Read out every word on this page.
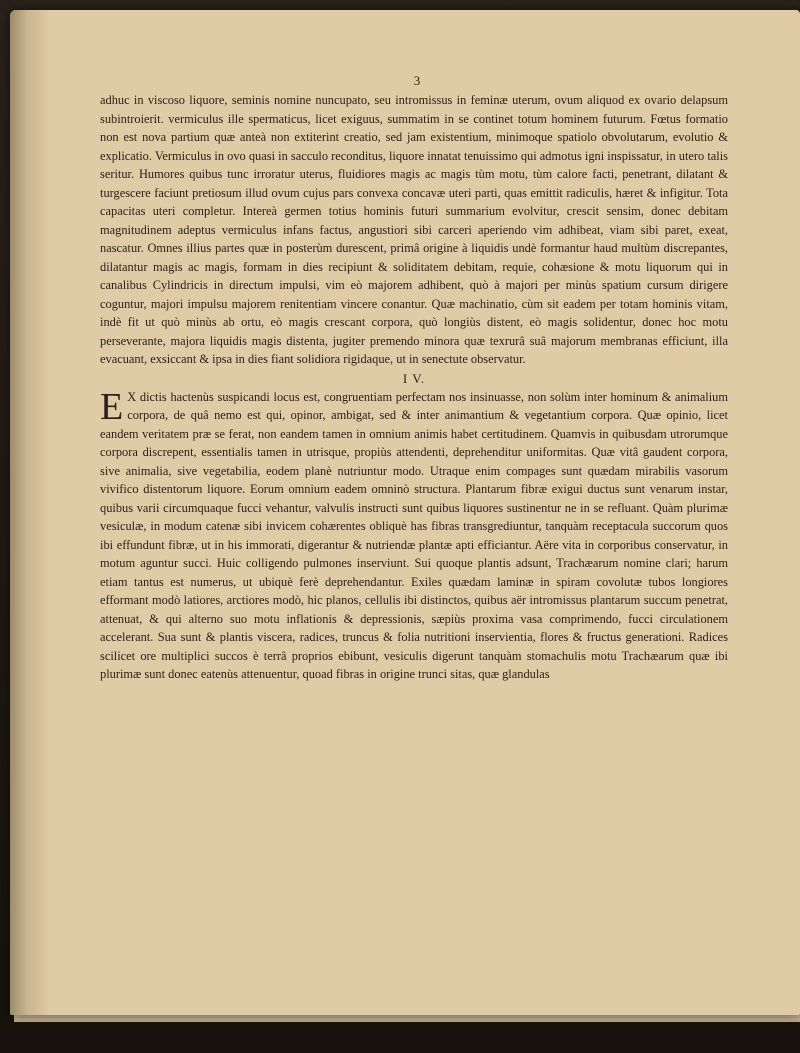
3

adhuc in viscoso liquore, seminis nomine nuncupato, seu intromissus in feminæ uterum, ovum aliquod ex ovario delapsum subintroierit. vermiculus ille spermaticus, licet exiguus, summatim in se continet totum hominem futurum. Fœtus formatio non est nova partium quæ anteà non extiterint creatio, sed jam existentium, minimoque spatiolo obvolutarum, evolutio & explicatio. Vermiculus in ovo quasi in sacculo reconditus, liquore innatat tenuissimo qui admotus igni inspissatur, in utero talis seritur. Humores quibus tunc irroratur uterus, fluidiores magis ac magis tùm motu, tùm calore facti, penetrant, dilatant & turgescere faciunt pretiosum illud ovum cujus pars convexa concavæ uteri parti, quas emittit radiculis, hæret & infigitur. Tota capacitas uteri completur. Intereà germen totius hominis futuri summarium evolvitur, crescit sensim, donec debitam magnitudinem adeptus vermiculus infans factus, angustiori sibi carceri aperiendo vim adhibeat, viam sibi paret, exeat, nascatur. Omnes illius partes quæ in posterùm durescent, primâ origine à liquidis undè formantur haud multùm discrepantes, dilatantur magis ac magis, formam in dies recipiunt & soliditatem debitam, requie, cohæsione & motu liquorum qui in canalibus Cylindricis in directum impulsi, vim eò majorem adhibent, quò à majori per minùs spatium cursum dirigere coguntur, majori impulsu majorem renitentiam vincere conantur. Quæ machinatio, cùm sit eadem per totam hominis vitam, indè fit ut quò minùs ab ortu, eò magis crescant corpora, quò longiùs distent, eò magis solidentur, donec hoc motu perseverante, majora liquidis magis distenta, jugiter premendo minora quæ texrurâ suâ majorum membranas efficiunt, illa evacuant, exsiccant & ipsa in dies fiant solidiora rigidaque, ut in senectute observatur.

I V.
E X dictis hactenùs suspicandi locus est, congruentiam perfectam nos insinuasse, non solùm inter hominum & animalium corpora, de quâ nemo est qui, opinor, ambigat, sed & inter animantium & vegetantium corpora. Quæ opinio, licet eandem veritatem præ se ferat, non eandem tamen in omnium animis habet certitudinem. Quamvis in quibusdam utrorumque corpora discrepent, essentialis tamen in utrisque, propiùs attendenti, deprehenditur uniformitas. Quæ vitâ gaudent corpora, sive animalia, sive vegetabilia, eodem planè nutriuntur modo. Utraque enim compages sunt quædam mirabilis vasorum vivifico distentorum liquore. Eorum omnium eadem omninò structura. Plantarum fibræ exigui ductus sunt venarum instar, quibus varii circumquaque fucci vehantur, valvulis instructi sunt quibus liquores sustinentur ne in se refluant. Quàm plurimæ vesiculæ, in modum catenæ sibi invicem cohærentes obliquè has fibras transgrediuntur, tanquàm receptacula succorum quos ibi effundunt fibræ, ut in his immorati, digerantur & nutriendæ plantæ apti efficiantur. Aëre vita in corporibus conservatur, in motum aguntur succi. Huic colligendo pulmones inserviunt. Sui quoque plantis adsunt, Trachæarum nomine clari; harum etiam tantus est numerus, ut ubiquè ferè deprehendantur. Exiles quædam laminæ in spiram covolutæ tubos longiores efformant modò latiores, arctiores modò, hic planos, cellulis ibi distinctos, quibus aër intromissus plantarum succum penetrat, attenuat, & qui alterno suo motu inflationis & depressionis, sæpiùs proxima vasa comprimendo, fucci circulationem accelerant. Sua sunt & plantis viscera, radices, truncus & folia nutritioni inservientia, flores & fructus generationi. Radices scilicet ore multiplici succos è terrâ proprios ebibunt, vesiculis digerunt tanquàm stomachulis motu Trachæarum quæ ibi plurimæ sunt donec eatenùs attenuentur, quoad fibras in origine trunci sitas, quæ glandulas
